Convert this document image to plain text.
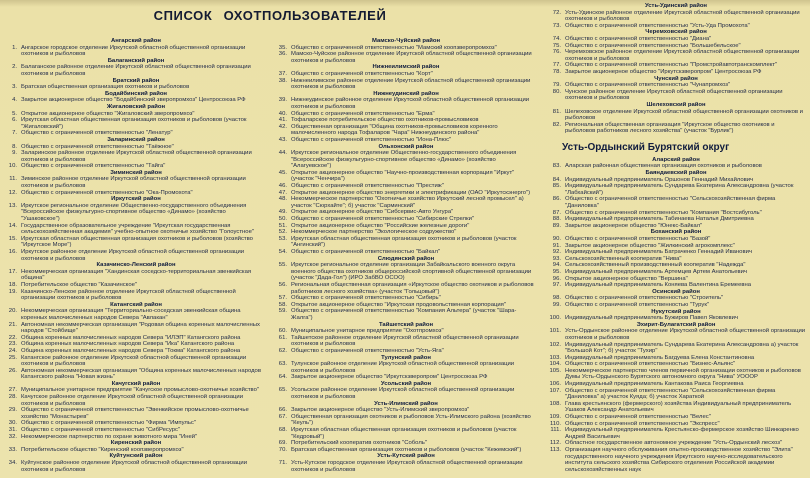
СПИСОК ОХОТПОЛЬЗОВАТЕЛЕЙ
Ангарский район
1. Ангарское городское отделение Иркутской областной общественной организации охотников и рыболовов
Балаганский район
2. Балаганское районное отделение Иркутской областной общественной организации охотников и рыболовов
Братский район
3. Братская общественная организация охотников и рыболовов
Бодайбинский район
4. Закрытое акционерное общество "Бодайбинский зверопромхоз" Центросоюза РФ
Жигаловский район
5. Открытое акционерное общество "Жигаловский зверопромхоз"
6. Иркутская областная общественная организация охотников и рыболовов (участок "Жигаловский")
7. Общество с ограниченной ответственностью "Ленатур"
Заларинский район
8. Общество с ограниченной ответственностью "Таёжное"
9. Заларинское районное отделение Иркутской областной общественной организации охотников и рыболовов
10. Общество с ограниченной ответственностью "Тайга"
Зиминский район
11. Зиминское районное отделение Иркутской областной общественной организации охотников и рыболовов
12. Общество с ограниченной ответственностью "Ока-Промохота"
Иркутский район
13. Иркутское региональное отделение Общественно-государственного объединения "Всероссийское физкультурно-спортивное общество «Динамо» (хозяйство "Ушаковское")
14. Государственное образовательное учреждение "Иркутская государственная сельскохозяйственная академия" учебно-опытное охотничье хозяйство "Голоустное"
15. Иркутская областная общественная организация охотников и рыболовов (хозяйство "Иркутское Море")
16. Иркутское районное отделение Иркутской областной общественной организации охотников и рыболовов
Казачинско-Ленский район
17. Некоммерческая организация "Хандинская соседско-территориальная эвенкийская община"
18. Потребительское общество "Казачинское"
19. Казачинско-Ленское районное отделение Иркутской областной общественной организации охотников и рыболовов
Катангский район
20. Некоммерческая организация "Территориально-соседская эвенкийская община коренных малочисленных народов Севера "Авлакан"
21. Автономная некоммерческая организация "Родовая община коренных малочисленных народов "Стойбище"
22. Община коренных малочисленных народов Севера "ИЛЭП" Катангского района
23. Община коренных малочисленных народов Севера "Ика" Катангского района
24. Община коренных малочисленных народов Севера "Токма" Катангского района
25. Катангское районное отделение Иркутской областной общественной организации охотников и рыболовов
26. Автономная некоммерческая организация "Община коренных малочисленных народов Катангского района "Новая жизнь"
Качугский район
27. Муниципальное унитарное предприятие "Качугское промыслово-охотничье хозяйство"
28. Качугское районное отделение Иркутской областной общественной организации охотников и рыболовов
29. Общество с ограниченной ответственностью "Эвенкийское промыслово-охотничье хозяйство "Монастырев"
30. Общество с ограниченной ответственностью "Фирма "Импульс"
31. Общество с ограниченной ответственностью "СибРесурс"
32. Некоммерческое партнерство по охране животного мира "Иней"
Киренский район
33. Потребительское общество "Киренский коопзверопромхоз"
Куйтунский район
34. Куйтунское районное отделение Иркутской областной общественной организации охотников и рыболовов
Мамско-Чуйский район
35. Общество с ограниченной ответственностью "Мамский коопзверопромхоз"
36. Мамско-Чуйское районное отделение Иркутской областной общественной организации охотников и рыболовов
Нижнеилимский район
37. Общество с ограниченной ответственностью "Корт"
38. Нижнеилимское районное отделение Иркутской областной общественной организации охотников и рыболовов
Нижнеудинский район
39. Нижнеудинское районное отделение Иркутской областной общественной организации охотников и рыболовов
40. Общество с ограниченной ответственностью "Ерма"
41. Тофаларское потребительское общество охотников-промысловиков
42. Общественная организация "Община охотников-промысловиков коренного малочисленного народа Тофаларов "Чара" Нижнеудинского района"
43. Общество с ограниченной ответственностью "Иона-Плюс"
Ольхонский район
44. Иркутское региональное отделение Общественно-государственного объединения "Всероссийское физкультурно-спортивное общество «Динамо» (хозяйство "Алагуевское")
45. Открытое акционерное общество "Научно-производственная корпорация "Иркут" (участок "Ченчира")
46. Общество с ограниченной ответственностью "Престиж"
47. Открытое акционерное общество энергетики и электрификации (ОАО "Иркутскэнерго")
48. Некоммерческое партнерство "Охотничье хозяйство Иркутский лесной промысел" а) участок "Сюрхайте"; б) участок "Сарминский"
49. Открытое акционерное общество "Сибсервис-Авто Унгура"
50. Общество с ограниченной ответственностью "Сибирские Стрелки"
51. Открытое акционерное общество "Российские железные дороги"
52. Некоммерческое партнерство "Экологическое содружество"
53. Иркутская областная общественная организация охотников и рыболовов (участок "Ангинский")
54. Общество с ограниченной ответственностью "Байкал"
Слюдянский район
55. Иркутское региональное отделение организации Забайкальского военного округа военного общества охотников общероссийской спортивной общественной организации (участок "Дада-Гол") (ИРО ЗабВО ОСОО)
56. Региональная общественная организация «Иркутское общество охотников и рыболовов работников лесного хозяйства» (участок "Гольцовый")
57. Общество с ограниченной ответственностью "Сибирь"
58. Открытое акционерное общество "Иркутская продовольственная корпорация"
59. Общество с ограниченной ответственностью "Компания Альтера" (участок "Шара-Жалга")
Тайшетский район
60. Муниципальное унитарное предприятие "Охотпромхоз"
61. Тайшетское районное отделение Иркутской областной общественной организации охотников и рыболовов
62. Общество с ограниченной ответственностью "Усть-Яга"
Тулунский район
63. Тулунское районное отделение Иркутской областной общественной организации охотников и рыболовов
64. Закрытое акционерное общество "Иркутскзверопром" Центросоюза РФ
Усольский район
65. Усольское районное отделение Иркутской областной общественной организации охотников и рыболовов
Усть-Илимский район
66. Закрытое акционерное общество "Усть-Илимский зверопромхоз"
67. Общественная организация охотников и рыболовов Усть-Илимского района (хозяйство "Кеуль")
68. Иркутская областная общественная организация охотников и рыболовов (участок "Кедровый")
69. Потребительский кооператив охотников "Соболь"
70. Братская общественная организация охотников и рыболовов (участок "Кежемский")
Усть-Кутский район
71. Усть-Кутское городское отделение Иркутской областной общественной организации охотников и рыболовов
Усть-Удинский район
72. Усть-Удинское районное отделение Иркутской областной общественной организации охотников и рыболовов
73. Общество с ограниченной ответственностью "Усть-Уда Промохота"
Черемховский район
74. Общество с ограниченной ответственностью "Диана"
75. Общество с ограниченной ответственностью "Большебельское"
76. Черемховское районное отделение Иркутской областной общественной организации охотников и рыболовов
77. Общество с ограниченной ответственностью "Промстройавтотранскомплект"
78. Закрытое акционерное общество "Иркутскзверопром" Центросоюза РФ
Чунский район
79. Общество с ограниченной ответственностью "Чунапромхоз"
80. Чунское районное отделение Иркутской областной общественной организации охотников и рыболовов
Шелеховский район
81. Шелеховское отделение Иркутской областной общественной организации охотников и рыболовов
82. Региональная общественная организация "Иркутское общество охотников и рыболовов работников лесного хозяйства" (участок "Бурлик")
Усть-Ордынский Бурятский округ
Аларский район
83. Аларская районная общественная организация охотников и рыболовов
Баяндаевский район
84. Индивидуальный предприниматель Оршонов Геннадий Михайлович
85. Индивидуальный предприниматель Сундарева Екатерина Александровна (участок "Лабхайский")
86. Общество с ограниченной ответственностью "Сельскохозяйственная фирма "Даниловка"
87. Общество с ограниченной ответственностью "Компания "Востсибуголь"
88. Индивидуальный предприниматель Табинаева Наталья Дмитриевна
89. Закрытое акционерное общество "Юнекс-Байкал"
Боханский район
90. Общество с ограниченной ответственностью "Базой"
91. Закрытое акционерное общество "Жилкинский агрокомплекс"
92. Индивидуальный предприниматель Батраченко Геннадий Иванович
93. Сельскохозяйственный кооператив "Нива"
94. Сельскохозяйственный производственный кооператив "Надежда"
95. Индивидуальный предприниматель Артемцев Артем Анатольевич
96. Открытое акционерное общество "Вершина"
97. Индивидуальный предприниматель Коняева Валентина Еремеевна
Осинский район
98. Общество с ограниченной ответственностью "Строитель"
99. Общество с ограниченной ответственностью "Турук"
Нукутский район
100. Индивидуальный предприниматель Бужиров Павел Яковлевич
Эхирит-Булагатский район
101. Усть-Ордынское районное отделение Иркутской областной общественной организации охотников и рыболовов
102. Индивидуальный предприниматель Сундарева Екатерина Александровна а) участок "Большой Кот"; б) участок "Тухир"
103. Индивидуальный предприниматель Багдуева Елена Константиновна
104. Общество с ограниченной ответственностью "Бизнес-Альянс"
105. Некоммерческое партнерство членов первичной организации охотников и рыболовов Думы Усть-Ордынского Бурятского автономного округа "Нива" УОООР
106. Индивидуальный предприниматель Кантакова Раиса Георгиевна
107. Общество с ограниченной ответственностью "Сельскохозяйственная фирма "Даниловка" а) участок Куяда; б) участок Хараткой
108. Глава крестьянского (фермерского) хозяйства Индивидуальный предприниматель Ушаков Александр Анатольевич
109. Общество с ограниченной ответственностью "Велес"
110. Общество с ограниченной ответственностью "Экспресс"
111. Индивидуальный предприниматель Крестьянско-фермерское хозяйство Шинкаренко Андрей Васильевич
112. Областное государственное автономное учреждение "Усть-Ордынский лесхоз"
113. Организация научного обслуживания опытно-производственное хозяйство "Элита" государственного научного учреждения Иркутского научно-исследовательского института сельского хозяйства Сибирского отделения Российской академии сельскохозяйственных наук
